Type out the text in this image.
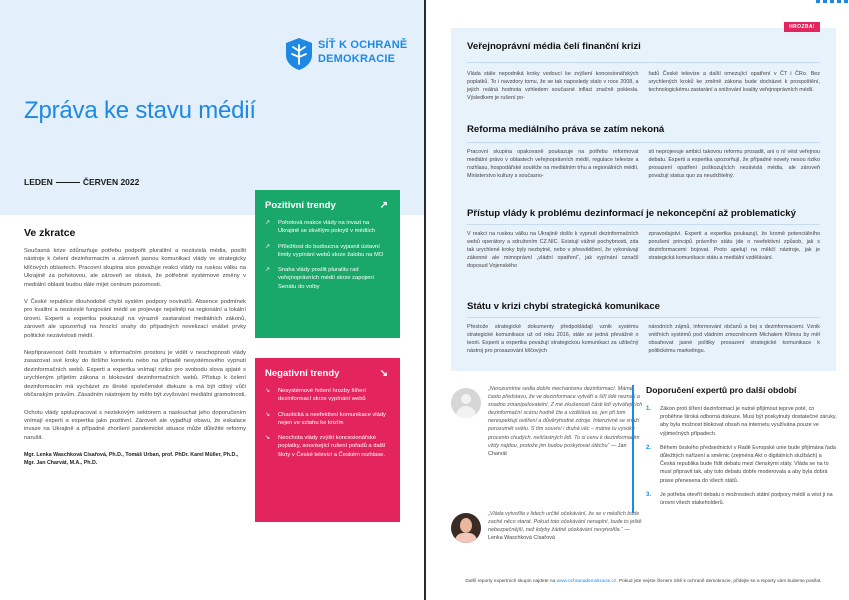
SÍŤ K OCHRANĚ
DEMOKRACIE
Zpráva ke stavu médií
LEDEN	ČERVEN 2022
Ve zkratce

Současná krize zdůrazňuje potřebu podpořit pluralitní a nezávislá média, posílit nástroje k čelení dezinformacím a zároveň jasnou komunikaci vlády ve strategicky klíčových oblastech. Pracovní skupina sice považuje reakci vlády na ruskou válku na Ukrajině za pohotovou, ale zároveň se obává, že potřebné systémové změny v mediální oblasti budou dále míjet centrum pozornosti.

V České republice dlouhodobě chybí systém podpory novinářů. Absence podmínek pro kvalitní a nezávislé fungování médií se projevuje nejsilněji na regionální a lokální úrovni. Experti a expertka poukazují na výrazně zastaralost mediálních zákonů, zároveň ale upozorňují na hrozící snahy do případných novelizací vnášet prvky politické nezávislosti médií.

Nepřipravenost čelit hrozbám v informačním prostoru je vidět v neschopnosti vlády zasazovat své kroky do širšího kontextu nebo na případě nesystémového vypnutí dezinformačních webů. Experti a expertka vnímají riziko pro svobodu slova spjaté s urychleným přijetím zákona o blokování dezinformačních webů. Přístup k čelení dezinformacím má vycházet ze široké společenské diskuze a má být citlivý vůči občanským právům. Zásadním nástrojem by mělo být zvyšování mediální gramotnosti.

Ochotu vlády spolupracovat s neziskovým sektorem a naslouchat jeho doporučením vnímají experti a expertka jako pozitivní. Zároveň ale vyjadřují obavu, že eskalace invaze na Ukrajině a případné zhoršení pandemické situace může důležité reformy narušit.

Mgr. Lenka Waschková Císařová, Ph.D., Tomáš Urban, prof. PhDr. Karel Müller, Ph.D., Mgr. Jan Charvát, M.A., Ph.D.
Pozitivní trendy	↗
↗ Pohotová reakce vlády na invazi na Ukrajině se skvělým pokrytí v médiích
↗ Příležitost do budoucna vyjasnit ústavní limity vypínání webů skrze žalobu na MO
↗ Snaha vlády posílit pluralitu rad veřejnoprávních médií skrze zapojení Senátu do volby
Negativní trendy	↘
↘ Nesystémové řešení hrozby šíření dezinformací skrze vypínání webů
↘ Chaotická a neefektivní komunikace vlády nejen ve vztahu ke krizím
↘ Neochota vlády zvýšit koncesionářské poplatky, související rušení pořadů a další škrty v České televizi a Českém rozhlase.
HROZBA!
Veřejnoprávní média čelí finanční krizi

Vláda stále nepodniká kroky vedoucí ke zvýšení koncesionářských poplatků. To i navzdory tomu, že se tak naposledy stalo v roce 2008, a jejich reálná hodnota vzhledem současné inflaci značně poklesla. Výsledkem je rušení po-

řadů České televize a další omezující opatření v ČT i ČRo. Bez urychlených kroků ke změně zákona bude docházet k prospoštění, technologickému zastarání a snižování kvality veřejnoprávních médií.

Reforma mediálního práva se zatím nekoná

Pracovní skupina opakovaně poukazuje na potřebu reformovat mediální právo v oblastech veřejnoprávních médií, regulace televize a rozhlasu, hospodářské soutěže na mediálním trhu a regionálních médií. Ministerstvo kultury s současno-

sti neprojevuje ambici takovou reformu prosadit, ani o ní vést veřejnou debatu. Experti a expertka upozorňují, že případné novely nesou riziko prosazení opatření poškozujících nezávislá média, ale zároveň považují status quo za neudržitelný.

Přístup vlády k problému dezinformací je nekoncepční až problematický

V reakci na ruskou válku na Ukrajině došlo k vypnutí dezinformačních webů operátory a sdružením CZ.NIC. Existují vážné pochybnosti, zda tak urychlené kroky byly nezbytné, nebo v přesvědčení, že vykonávají zákonné ale mimoprávní „vládní opatření“, jak vypínání označil doposud Vojenského

zpravodajství. Experti a expertka poukazují, že kromě potenciálního porušení principů právního státu jde o neefektivní způsob, jak s dezinformacemi bojovat. Proto apelují na měkčí nástroje, jak je strategická komunikace státu a mediální vzdělávání.

Státu v krizi chybí strategická komunikace

Přestože strategické dokumenty předpokládají vznik systému strategické komunikace už od roku 2016, stále se jedná převážně o teorii. Experti a expertka považují strategickou komunikaci za užitečný nástroj pro prosazování klíčových

národních zájmů, informování občanů a boj s dezinformacemi. Vznik vnitřních systémů pod vládním zmocněncem Michalem Klímou by měl obsahovat jasné politiky prosazení strategické komunikace k politickému marketingu.

„Nerozumíme sedla dobře mechanismu dezinformací. Máme často představu, že ve dezinformace vytváří a šíří lidé neznalí a snadno zmanipulovatelní. Z mé zkušenosti části lidí vytvářejících dezinformační scénu hodně čte a vzdělává se, jen při tom nerespektují ověření a důvěryhodné zdroje. Intenzivně se snaží porozumět světu. S tím souvisí i druhá věc – máme tu vysoké procento chudých, nešťastných lidí. To si cenu k dezinformacím vždy najdou, protože jim budou poskytovat útěchu“ — Jan Charvát
„Vláda vytvořila v lidech určité očekávání, že se v médiích bude zaché něco starat. Pokud toto očekávání nenaplní, bude to ještě nebezpečnější, než kdyby žádné očekávání nevytvořila.“ — Lenka Waschková Císařová
Doporučení expertů pro další období
1. Zákon proti šíření dezinformací je nutné přijímout teprve poté, co proběhne široká odborná diskuze. Musí být poskytnuty dostatečné záruky, aby byla možnost blokovat obsah na internetu využívána pouze ve výjimečných případech.
2. Během českého předsednictví v Radě Evropské unie bude přijímána řada důležitých nařízení a směrnic (zejména Akt o digitálních službách) a Česká republika bude řídit debatu mezi členskými státy. Vláda se na to musí připravit tak, aby tuto debatu dobře moderovala a aby byla dobrá praxe přenesena do všech států.
3. Je potřeba otevřít debatu o možnostech státní podpory médií a vést ji na úrovni všech stakeholderů.
Další reporty expertních skupin najdete na www.ochranademokracie.cz. Pokud jste nejste členem Sítě k ochraně demokracie, přidejte se a reporty vám budeme posílat.
